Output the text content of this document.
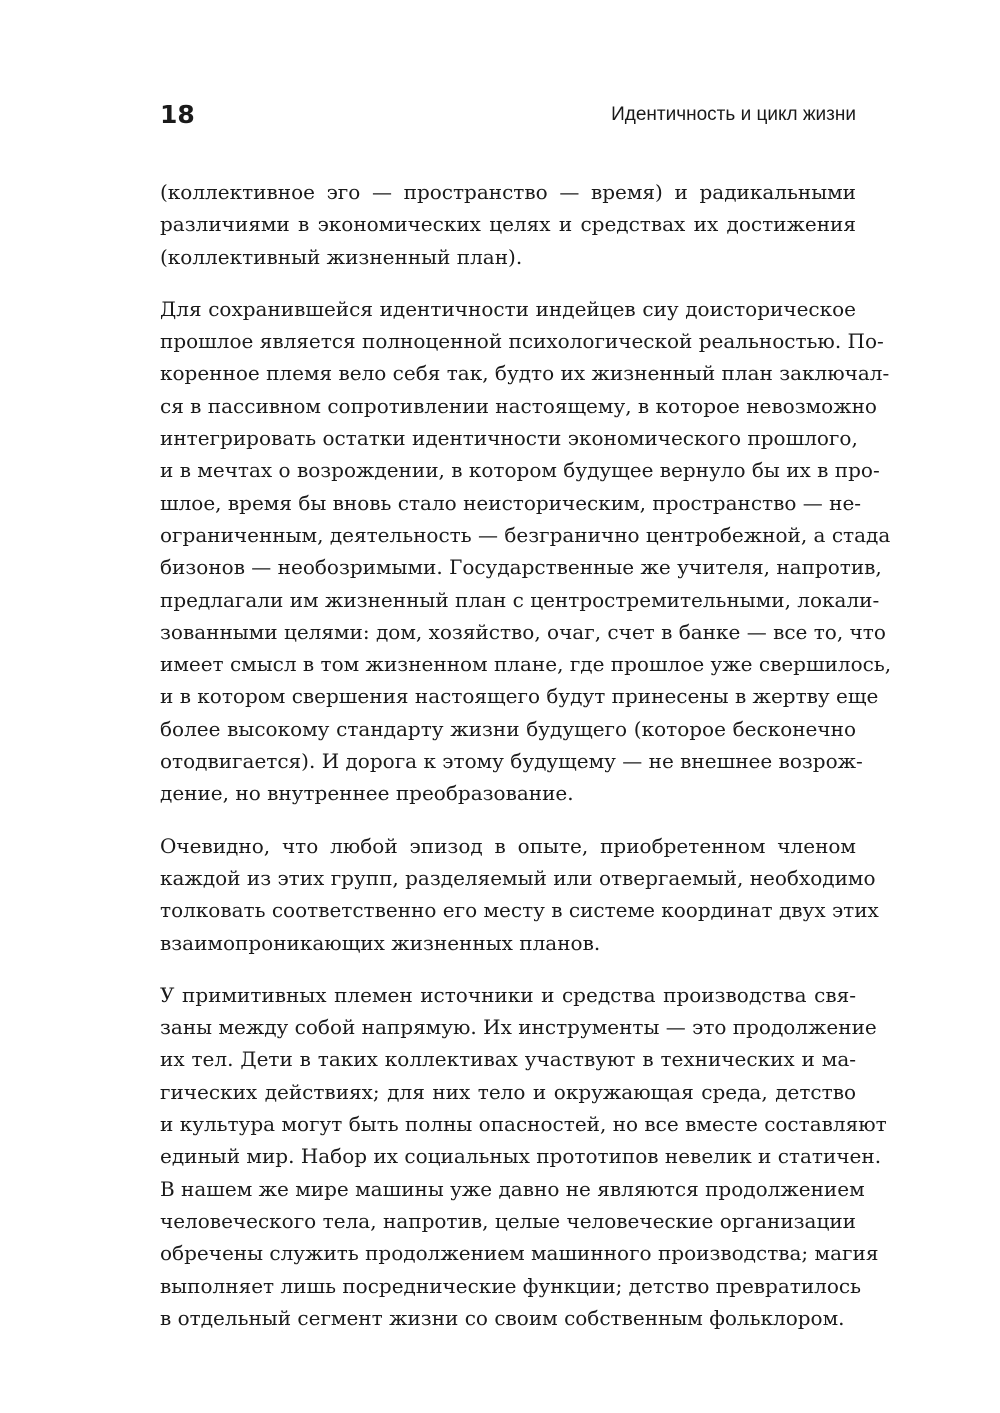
18	Идентичность и цикл жизни
(коллективное эго — пространство — время) и радикальными
различиями в экономических целях и средствах их достижения
(коллективный жизненный план).
Для сохранившейся идентичности индейцев сиу доисторическое
прошлое является полноценной психологической реальностью. По-
коренное племя вело себя так, будто их жизненный план заключал-
ся в пассивном сопротивлении настоящему, в которое невозможно
интегрировать остатки идентичности экономического прошлого,
и в мечтах о возрождении, в котором будущее вернуло бы их в про-
шлое, время бы вновь стало неисторическим, пространство — не-
ограниченным, деятельность — безгранично центробежной, а стада
бизонов — необозримыми. Государственные же учителя, напротив,
предлагали им жизненный план с центростремительными, локали-
зованными целями: дом, хозяйство, очаг, счет в банке — все то, что
имеет смысл в том жизненном плане, где прошлое уже свершилось,
и в котором свершения настоящего будут принесены в жертву еще
более высокому стандарту жизни будущего (которое бесконечно
отодвигается). И дорога к этому будущему — не внешнее возрож-
дение, но внутреннее преобразование.
Очевидно, что любой эпизод в опыте, приобретенном членом
каждой из этих групп, разделяемый или отвергаемый, необходимо
толковать соответственно его месту в системе координат двух этих
взаимопроникающих жизненных планов.
У примитивных племен источники и средства производства свя-
заны между собой напрямую. Их инструменты — это продолжение
их тел. Дети в таких коллективах участвуют в технических и ма-
гических действиях; для них тело и окружающая среда, детство
и культура могут быть полны опасностей, но все вместе составляют
единый мир. Набор их социальных прототипов невелик и статичен.
В нашем же мире машины уже давно не являются продолжением
человеческого тела, напротив, целые человеческие организации
обречены служить продолжением машинного производства; магия
выполняет лишь посреднические функции; детство превратилось
в отдельный сегмент жизни со своим собственным фольклором.
